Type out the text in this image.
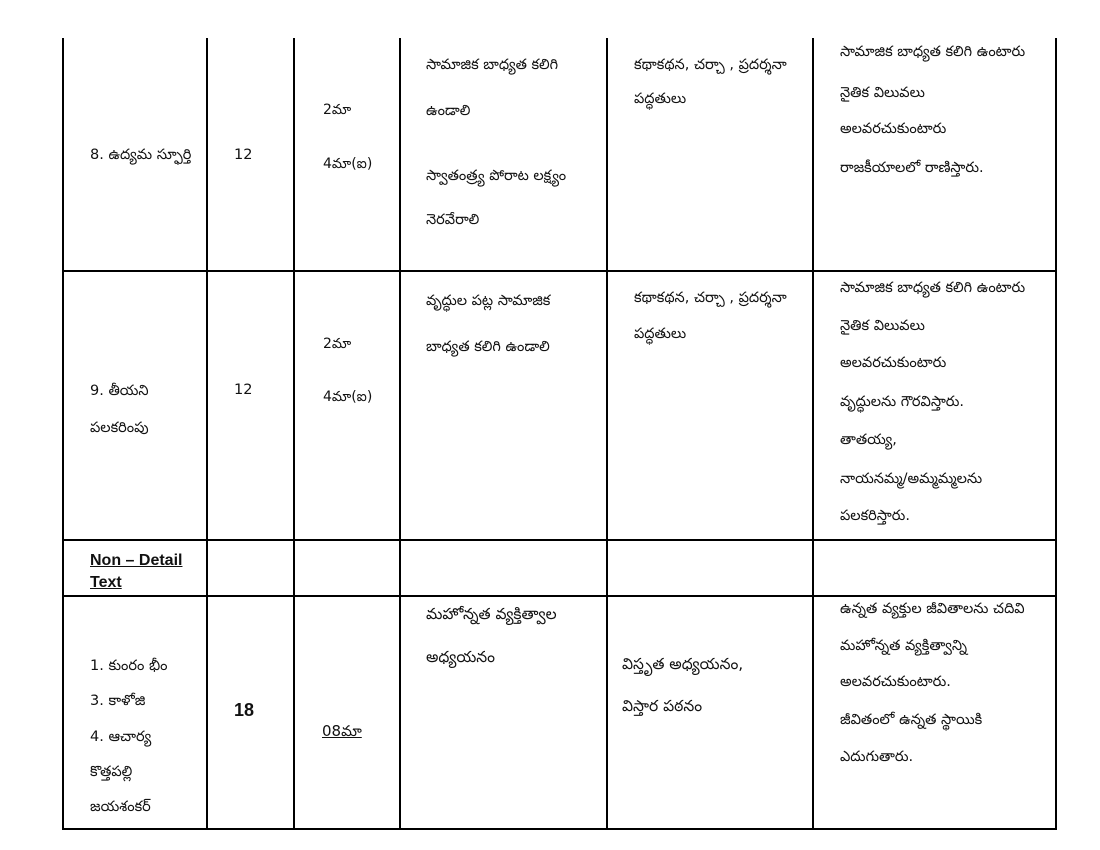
8. ఉద్యమ స్ఫూర్తి	12
2మా
4మా(ఐ)
సామాజిక బాధ్యత కలిగి
ఉండాలి
స్వాతంత్ర్య పోరాట లక్ష్యం
నెరవేరాలి
కథాకథన, చర్చా , ప్రదర్శనా
పద్ధతులు
సామాజిక బాధ్యత కలిగి ఉంటారు
నైతిక విలువలు
అలవరచుకుంటారు
రాజకీయాలలో రాణిస్తారు.
9. తీయని
పలకరింపు
12
2మా
4మా(ఐ)
వృద్ధుల పట్ల సామాజిక
బాధ్యత కలిగి ఉండాలి
కథాకథన, చర్చా , ప్రదర్శనా
పద్ధతులు
సామాజిక బాధ్యత కలిగి ఉంటారు
నైతిక విలువలు
అలవరచుకుంటారు
వృద్ధులను గౌరవిస్తారు.
తాతయ్య,
నాయనమ్మ/అమ్మమ్మలను
పలకరిస్తారు.
Non – Detail
Text
1. కుంరం భీం
3. కాళోజి
4. ఆచార్య
కొత్తపల్లి
జయశంకర్
18
08మా
మహోన్నత వ్యక్తిత్వాల
అధ్యయనం	విస్తృత అధ్యయనం,
విస్తార పఠనం
ఉన్నత వ్యక్తుల జీవితాలను చదివి
మహోన్నత వ్యక్తిత్వాన్ని
అలవరచుకుంటారు.
జీవితంలో ఉన్నత స్థాయికి
ఎదుగుతారు.
